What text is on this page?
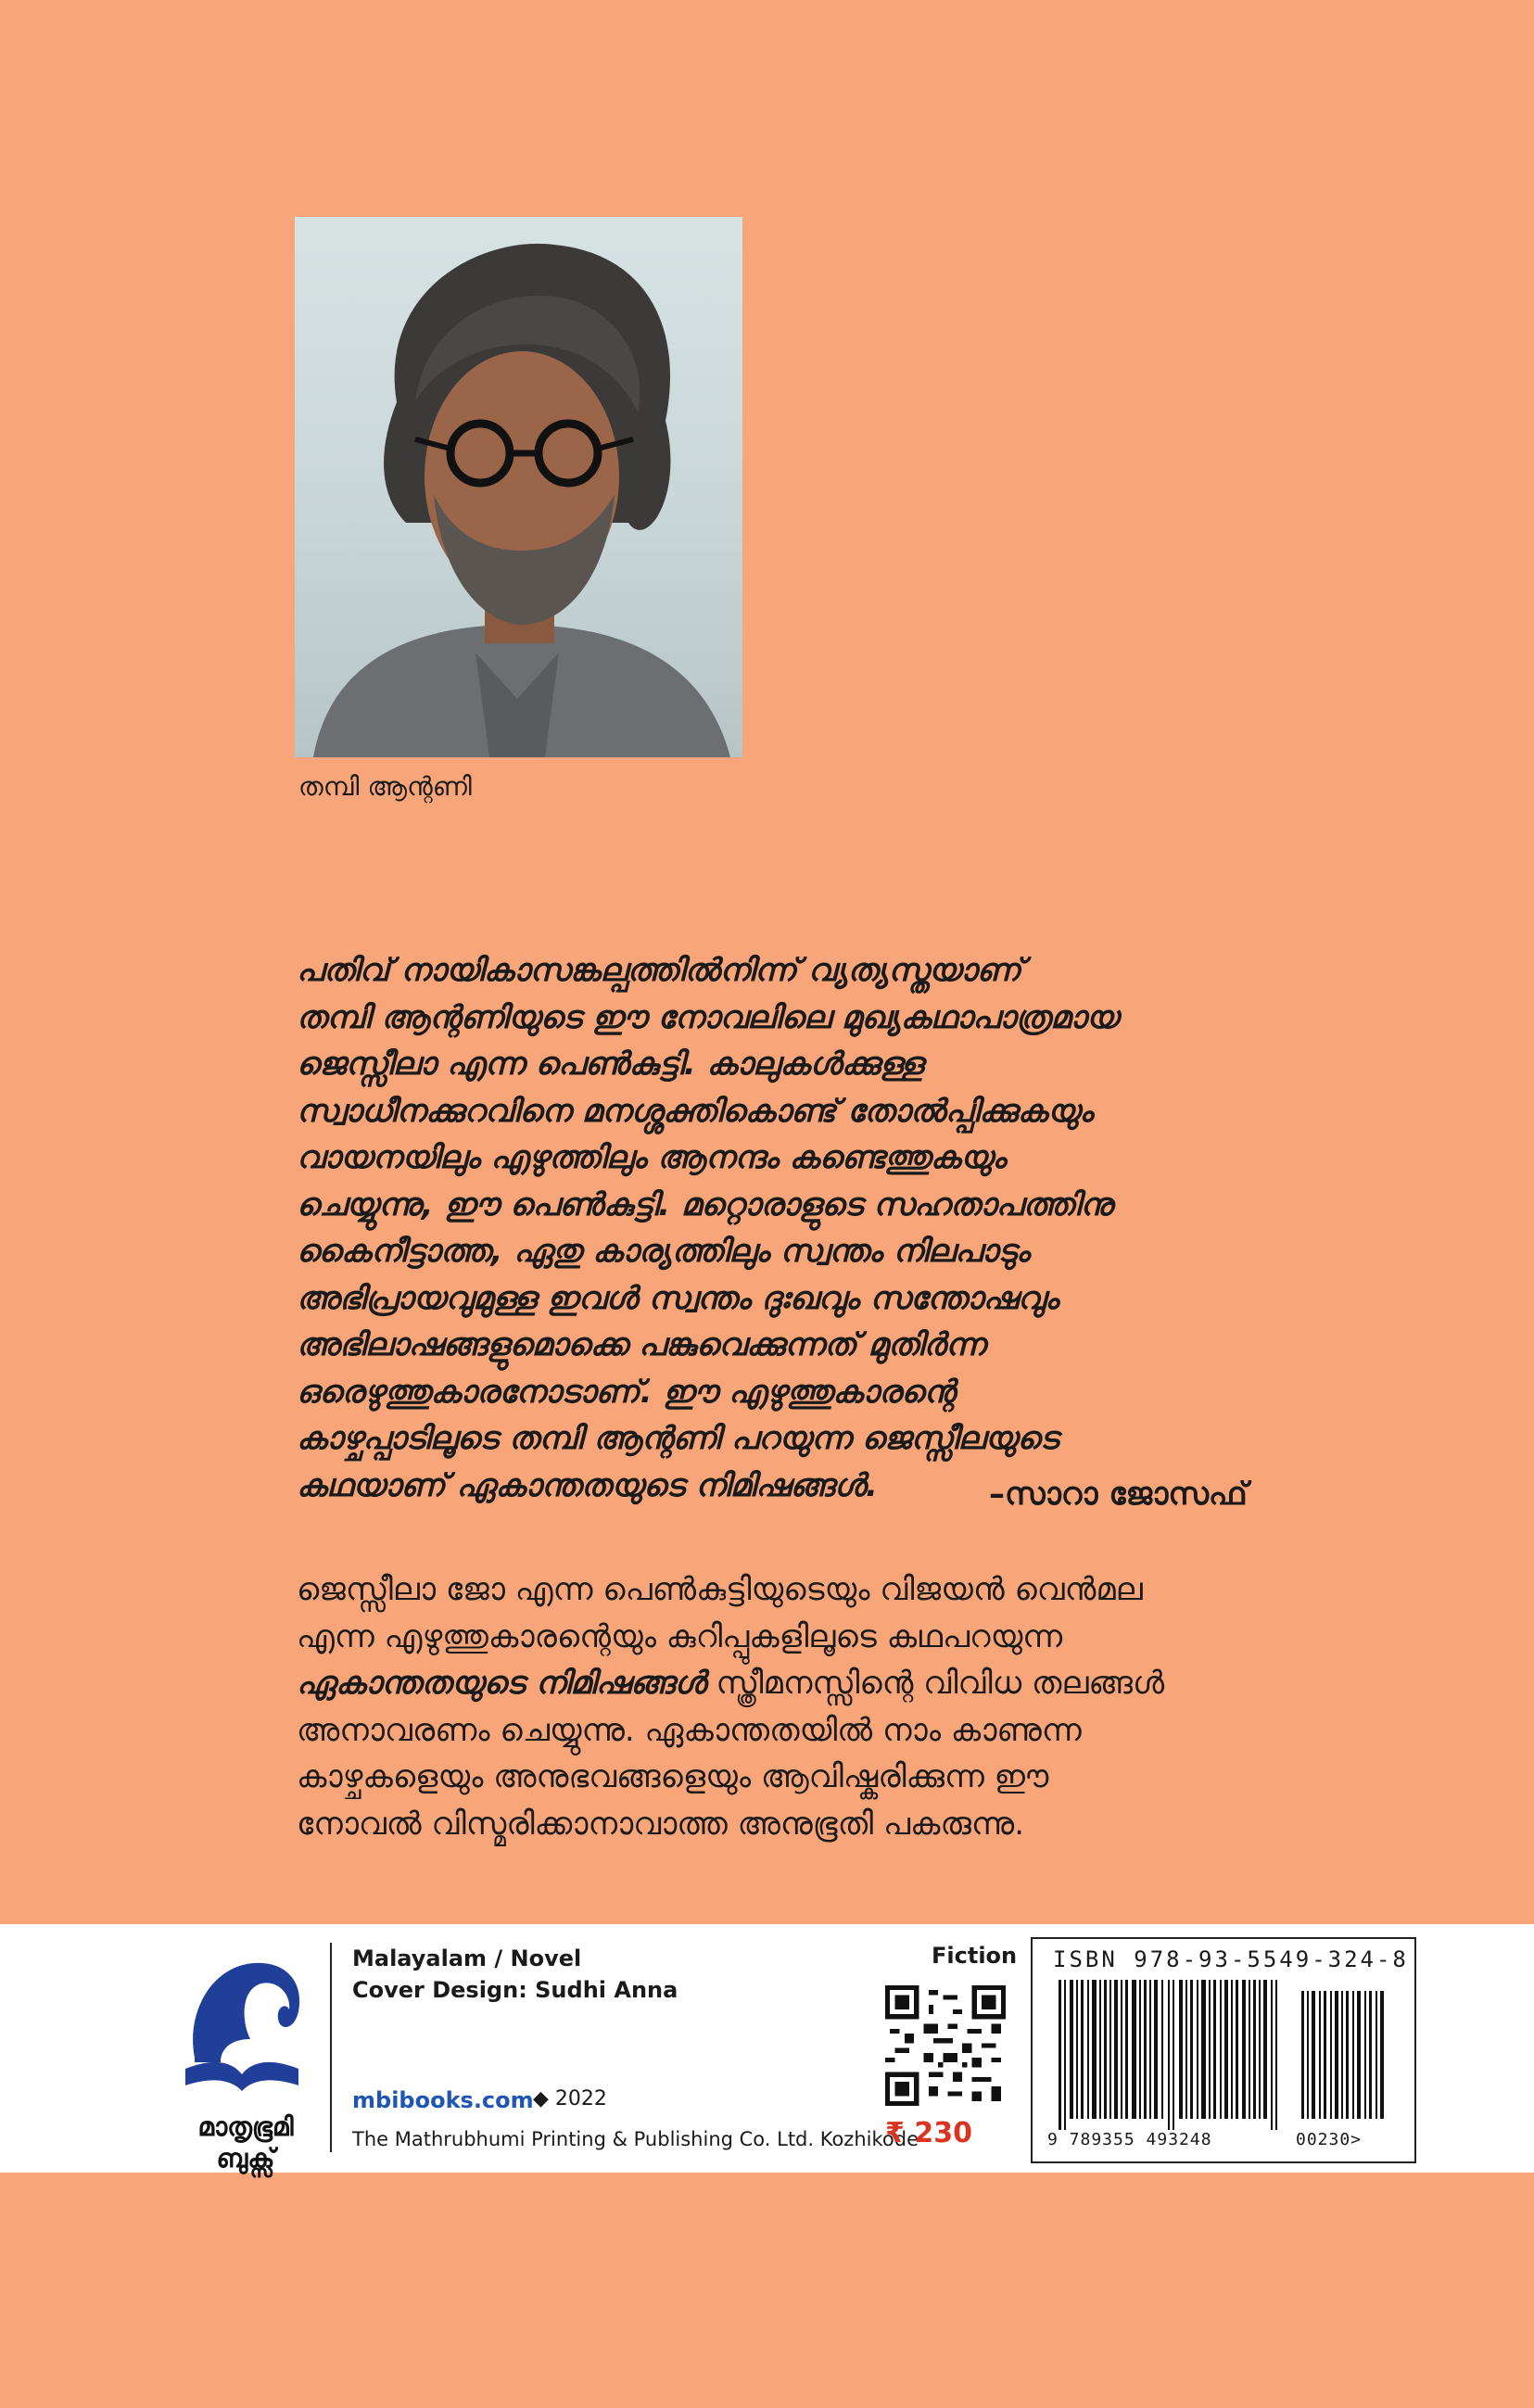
തമ്പി ആന്റണി

പതിവ് നായികാസങ്കല്പത്തിൽനിന്ന് വ്യത്യസ്തയാണ്

തമ്പി ആന്റണിയുടെ ഈ നോവലിലെ മുഖ്യകഥാപാത്രമായ

ജെസ്സീലാ എന്ന പെൺകുട്ടി. കാലുകൾക്കുള്ള

സ്വാധീനക്കുറവിനെ മനശ്ശക്തികൊണ്ട് തോൽപ്പിക്കുകയും

വായനയിലും എഴുത്തിലും ആനന്ദം കണ്ടെത്തുകയും

ചെയ്യുന്നു, ഈ പെൺകുട്ടി. മറ്റൊരാളുടെ സഹതാപത്തിനു

കൈനീട്ടാത്ത, ഏതു കാര്യത്തിലും സ്വന്തം നിലപാടും

അഭിപ്രായവുമുള്ള ഇവൾ സ്വന്തം ദുഃഖവും സന്തോഷവും

അഭിലാഷങ്ങളുമൊക്കെ പങ്കുവെക്കുന്നത് മുതിർന്ന

ഒരെഴുത്തുകാരനോടാണ്. ഈ എഴുത്തുകാരന്റെ

കാഴ്ചപ്പാടിലൂടെ തമ്പി ആന്റണി പറയുന്ന ജെസ്സീലയുടെ

കഥയാണ് ഏകാന്തതയുടെ നിമിഷങ്ങൾ.	–സാറാ ജോസഫ്

ജെസ്സീലാ ജോ എന്ന പെൺകുട്ടിയുടെയും വിജയൻ വെൻമല

എന്ന എഴുത്തുകാരന്റെയും കുറിപ്പുകളിലൂടെ കഥപറയുന്ന

ഏകാന്തതയുടെ നിമിഷങ്ങൾ സ്ത്രീമനസ്സിന്റെ വിവിധ തലങ്ങൾ

അനാവരണം ചെയ്യുന്നു. ഏകാന്തതയിൽ നാം കാണുന്ന

കാഴ്ചകളെയും അനുഭവങ്ങളെയും ആവിഷ്കരിക്കുന്ന ഈ

നോവൽ വിസ്മരിക്കാനാവാത്ത അനുഭൂതി പകരുന്നു.

മാതൃഭൂമി
ബുക്സ്
Malayalam / Novel
Cover Design: Sudhi Anna
mbibooks.com ◆ 2022
The Mathrubhumi Printing & Publishing Co. Ltd. Kozhikode
Fiction
₹ 230
ISBN 978-93-5549-324-8
9 789355 493248	00230>
